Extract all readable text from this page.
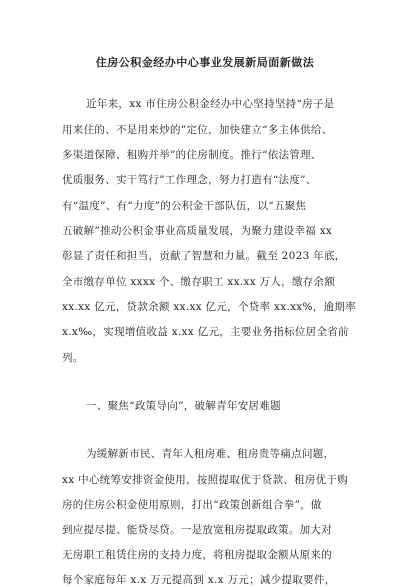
住房公积金经办中心事业发展新局面新做法
近年来，xx 市住房公积金经办中心坚持坚持“房子是
用来住的、不是用来炒的”定位，加快建立“多主体供给、
多渠道保障、租购并举”的住房制度。推行“依法管理、
优质服务、实干笃行”工作理念，努力打造有“法度”、
有“温度”、有“力度”的公积金干部队伍，以“五聚焦
五破解”推动公积金事业高质量发展，为聚力建设幸福 xx
彰显了责任和担当，贡献了智慧和力量。截至 2023 年底，
全市缴存单位 xxxx 个、缴存职工 xx.xx 万人，缴存余额
xx.xx 亿元，贷款余额 xx.xx 亿元，个贷率 xx.xx%，逾期率
x.x‰，实现增值收益 x.xx 亿元，主要业务指标位居全省前
列。
一、聚焦“政策导向”，破解青年安居难题
为缓解新市民、青年人租房难、租房贵等痛点问题，
xx 中心统筹安排资金使用，按照提取优于贷款、租房优于购
房的住房公积金使用原则，打出“政策创新组合拳”，做
到应提尽提、能贷尽贷。一是放宽租房提取政策。加大对
无房职工租赁住房的支持力度，将租房提取金额从原来的
每个家庭每年 x.x 万元提高到 x.x 万元；减少提取要件，
